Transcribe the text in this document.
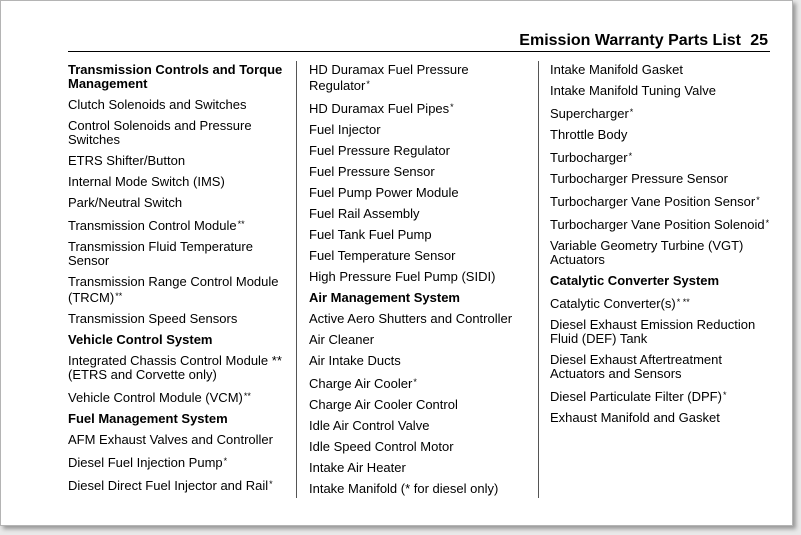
Emission Warranty Parts List 25
Transmission Controls and Torque Management
Clutch Solenoids and Switches
Control Solenoids and Pressure Switches
ETRS Shifter/Button
Internal Mode Switch (IMS)
Park/Neutral Switch
Transmission Control Module**
Transmission Fluid Temperature Sensor
Transmission Range Control Module (TRCM)**
Transmission Speed Sensors
Vehicle Control System
Integrated Chassis Control Module ** (ETRS and Corvette only)
Vehicle Control Module (VCM)**
Fuel Management System
AFM Exhaust Valves and Controller
Diesel Fuel Injection Pump*
Diesel Direct Fuel Injector and Rail*
HD Duramax Fuel Pressure Regulator*
HD Duramax Fuel Pipes*
Fuel Injector
Fuel Pressure Regulator
Fuel Pressure Sensor
Fuel Pump Power Module
Fuel Rail Assembly
Fuel Tank Fuel Pump
Fuel Temperature Sensor
High Pressure Fuel Pump (SIDI)
Air Management System
Active Aero Shutters and Controller
Air Cleaner
Air Intake Ducts
Charge Air Cooler*
Charge Air Cooler Control
Idle Air Control Valve
Idle Speed Control Motor
Intake Air Heater
Intake Manifold (* for diesel only)
Intake Manifold Gasket
Intake Manifold Tuning Valve
Supercharger*
Throttle Body
Turbocharger*
Turbocharger Pressure Sensor
Turbocharger Vane Position Sensor*
Turbocharger Vane Position Solenoid*
Variable Geometry Turbine (VGT) Actuators
Catalytic Converter System
Catalytic Converter(s)* **
Diesel Exhaust Emission Reduction Fluid (DEF) Tank
Diesel Exhaust Aftertreatment Actuators and Sensors
Diesel Particulate Filter (DPF)*
Exhaust Manifold and Gasket
